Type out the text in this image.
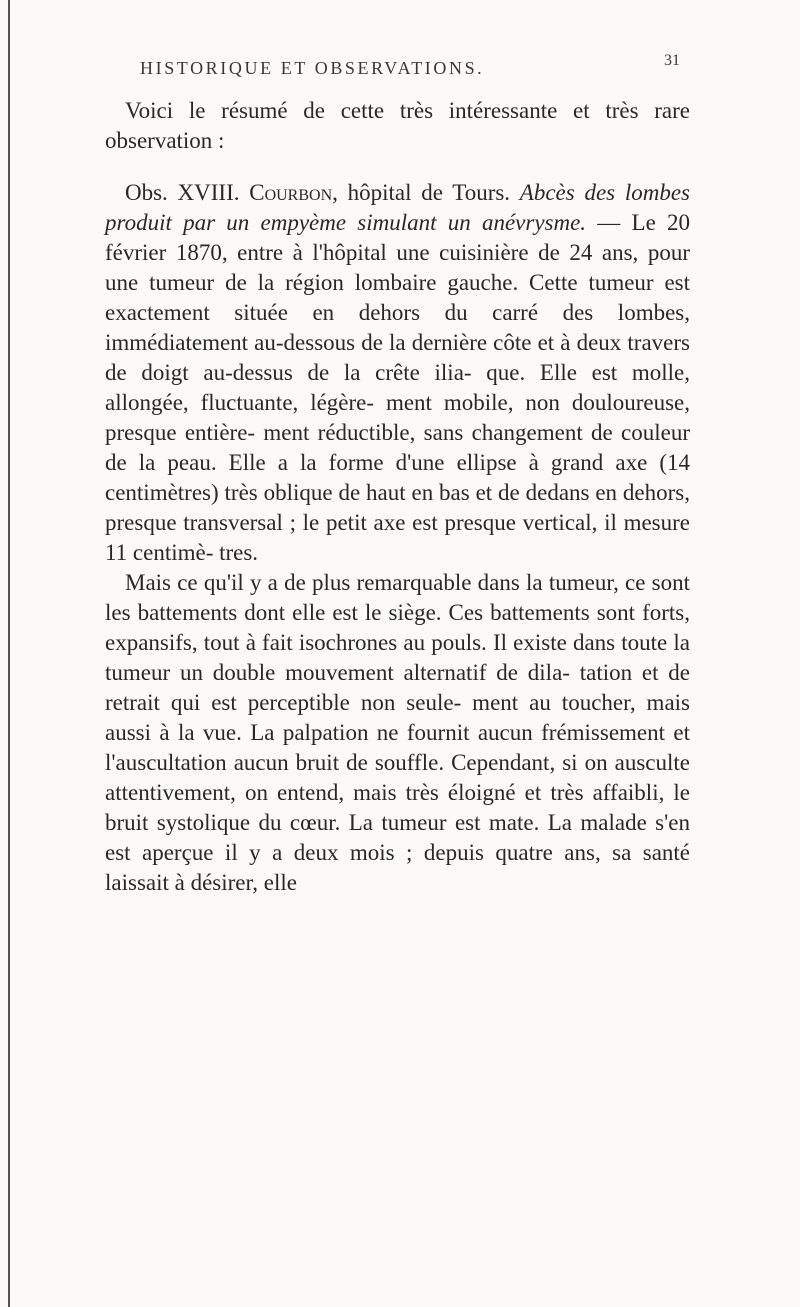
HISTORIQUE ET OBSERVATIONS.	31

Voici le résumé de cette très intéressante et très rare observation :

Obs. XVIII. Courbon, hôpital de Tours. Abcès des lombes produit par un empyème simulant un anévrysme. — Le 20 février 1870, entre à l'hôpital une cuisinière de 24 ans, pour une tumeur de la région lombaire gauche. Cette tumeur est exactement située en dehors du carré des lombes, immédiatement au-dessous de la dernière côte et à deux travers de doigt au-dessus de la crête ilia- que. Elle est molle, allongée, fluctuante, légère- ment mobile, non douloureuse, presque entière- ment réductible, sans changement de couleur de la peau. Elle a la forme d'une ellipse à grand axe (14 centimètres) très oblique de haut en bas et de dedans en dehors, presque transversal ; le petit axe est presque vertical, il mesure 11 centimè- tres.

Mais ce qu'il y a de plus remarquable dans la tumeur, ce sont les battements dont elle est le siège. Ces battements sont forts, expansifs, tout à fait isochrones au pouls. Il existe dans toute la tumeur un double mouvement alternatif de dila- tation et de retrait qui est perceptible non seule- ment au toucher, mais aussi à la vue. La palpation ne fournit aucun frémissement et l'auscultation aucun bruit de souffle. Cependant, si on ausculte attentivement, on entend, mais très éloigné et très affaibli, le bruit systolique du cœur. La tumeur est mate. La malade s'en est aperçue il y a deux mois ; depuis quatre ans, sa santé laissait à désirer, elle
